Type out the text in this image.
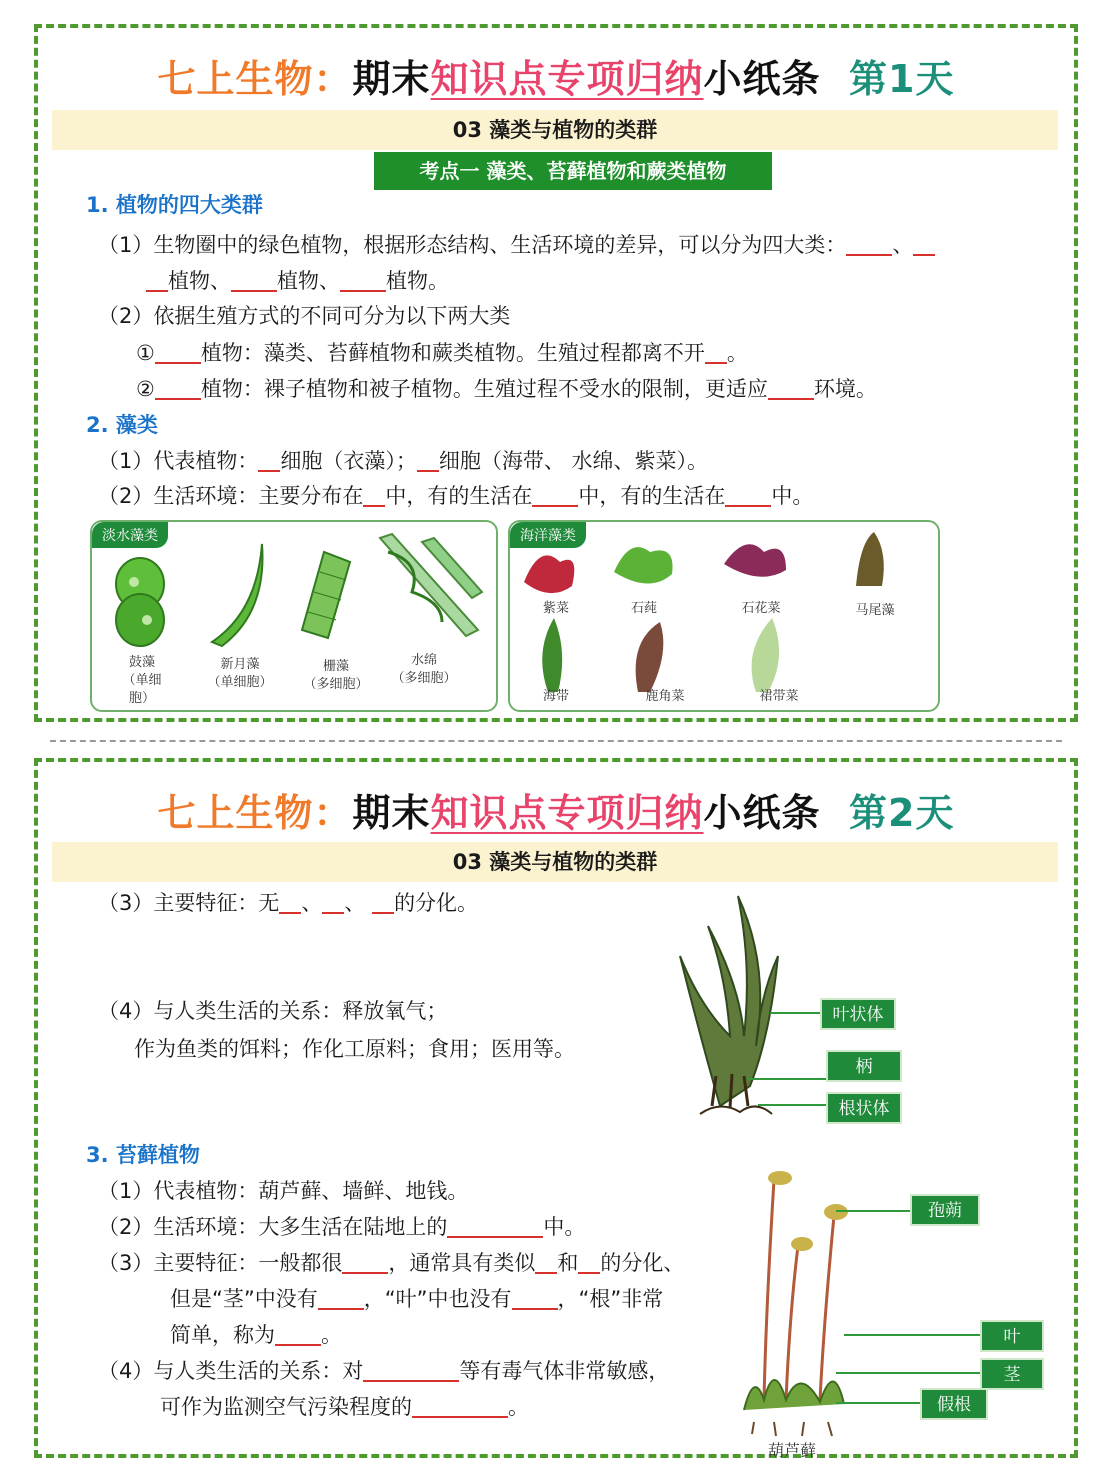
七上生物：期末知识点专项归纳小纸条 第1天
03 藻类与植物的类群
考点一 藻类、苔藓植物和蕨类植物
1. 植物的四大类群
（1）生物圈中的绿色植物，根据形态结构、生活环境的差异，可以分为四大类： 、
植物、 植物、 植物。
（2）依据生殖方式的不同可分为以下两大类
① 植物：藻类、苔藓植物和蕨类植物。生殖过程都离不开 。
② 植物：裸子植物和被子植物。生殖过程不受水的限制，更适应 环境。
2. 藻类
（1）代表植物： 细胞（衣藻）； 细胞（海带、 水绵、紫菜）。
（2）生活环境：主要分布在 中，有的生活在 中，有的生活在 中。
淡水藻类
鼓藻
（单细胞）
新月藻
（单细胞）
栅藻
（多细胞）
水绵
（多细胞）
海洋藻类
紫菜	石莼	石花菜	马尾藻
海带	鹿角菜	裙带菜
七上生物：期末知识点专项归纳小纸条 第2天
03 藻类与植物的类群
（3）主要特征：无 、 、 的分化。
（4）与人类生活的关系：释放氧气；
作为鱼类的饵料；作化工原料；食用；医用等。
叶状体
柄
根状体
3. 苔藓植物
（1）代表植物：葫芦藓、墙鲜、地钱。
（2）生活环境：大多生活在陆地上的	中。
（3）主要特征：一般都很 ，通常具有类似 和 的分化、
但是“茎”中没有 ，“叶”中也没有 ，“根”非常
简单，称为 。
（4）与人类生活的关系：对	等有毒气体非常敏感，
可作为监测空气污染程度的	。
葫芦藓
孢蒴
叶
茎
假根
